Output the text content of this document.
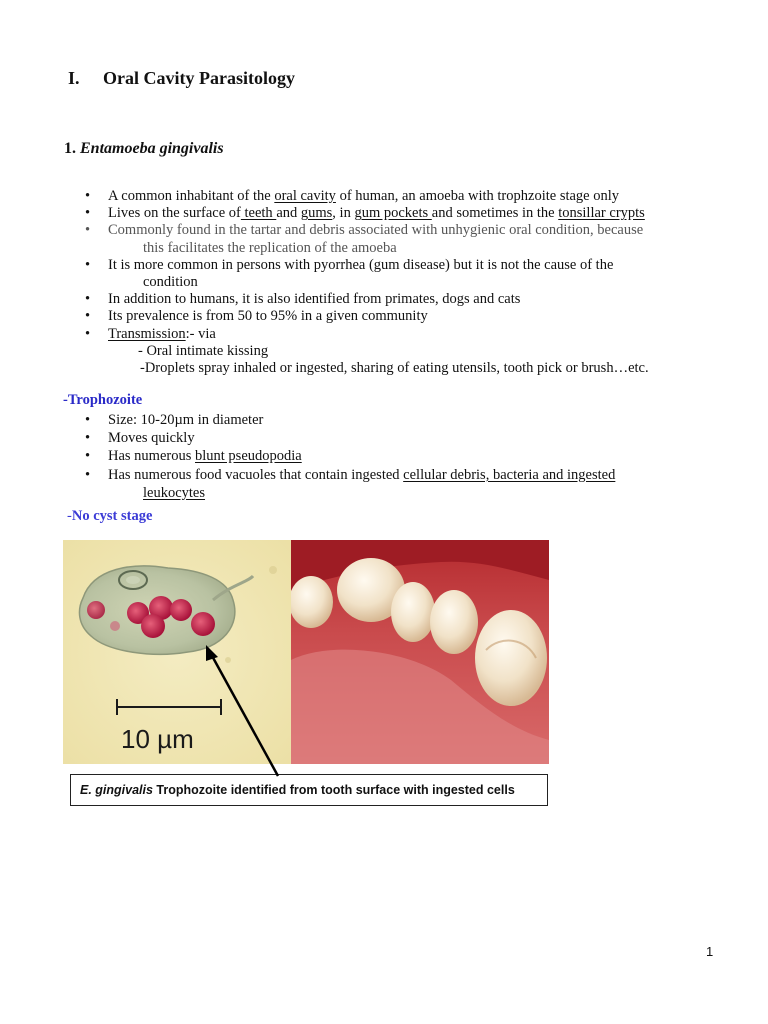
I. Oral Cavity Parasitology
1. Entamoeba gingivalis
• A common inhabitant of the oral cavity of human, an amoeba with trophzoite stage only
• Lives on the surface of teeth and gums, in gum pockets and sometimes in the tonsillar crypts
• Commonly found in the tartar and debris associated with unhygienic oral condition, because
this facilitates the replication of the amoeba
• It is more common in persons with pyorrhea (gum disease) but it is not the cause of the
condition
• In addition to humans, it is also identified from primates, dogs and cats
• Its prevalence is from 50 to 95% in a given community
• Transmission:- via
- Oral intimate kissing
-Droplets spray inhaled or ingested, sharing of eating utensils, tooth pick or brush…etc.
-Trophozoite
• Size: 10-20µm in diameter
• Moves quickly
• Has numerous blunt pseudopodia
• Has numerous food vacuoles that contain ingested cellular debris, bacteria and ingested
leukocytes
-No cyst stage
10 µm
E. gingivalis Trophozoite identified from tooth surface with ingested cells
1
